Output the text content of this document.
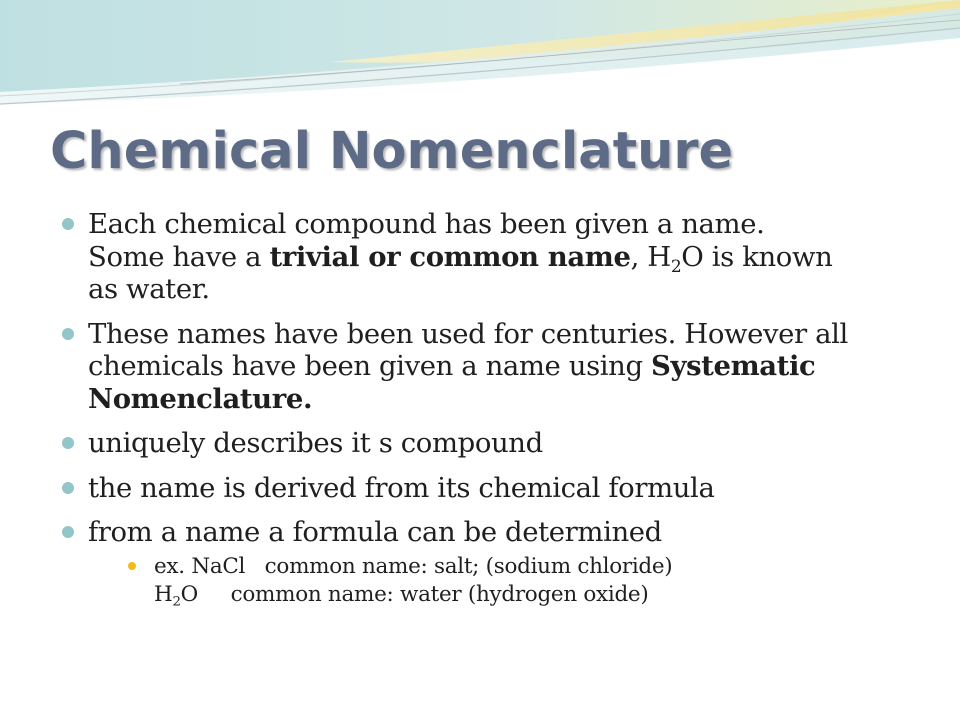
Chemical Nomenclature
Each chemical compound has been given a name.
Some have a trivial or common name, $H_2O$ is known
as water.
These names have been used for centuries. However all
chemicals have been given a name using Systematic
Nomenclature.
uniquely describes it s compound
the name is derived from its chemical formula
from a name a formula can be determined
ex. NaCl   common name: salt; (sodium chloride)
$H_2O$     common name: water (hydrogen oxide)
